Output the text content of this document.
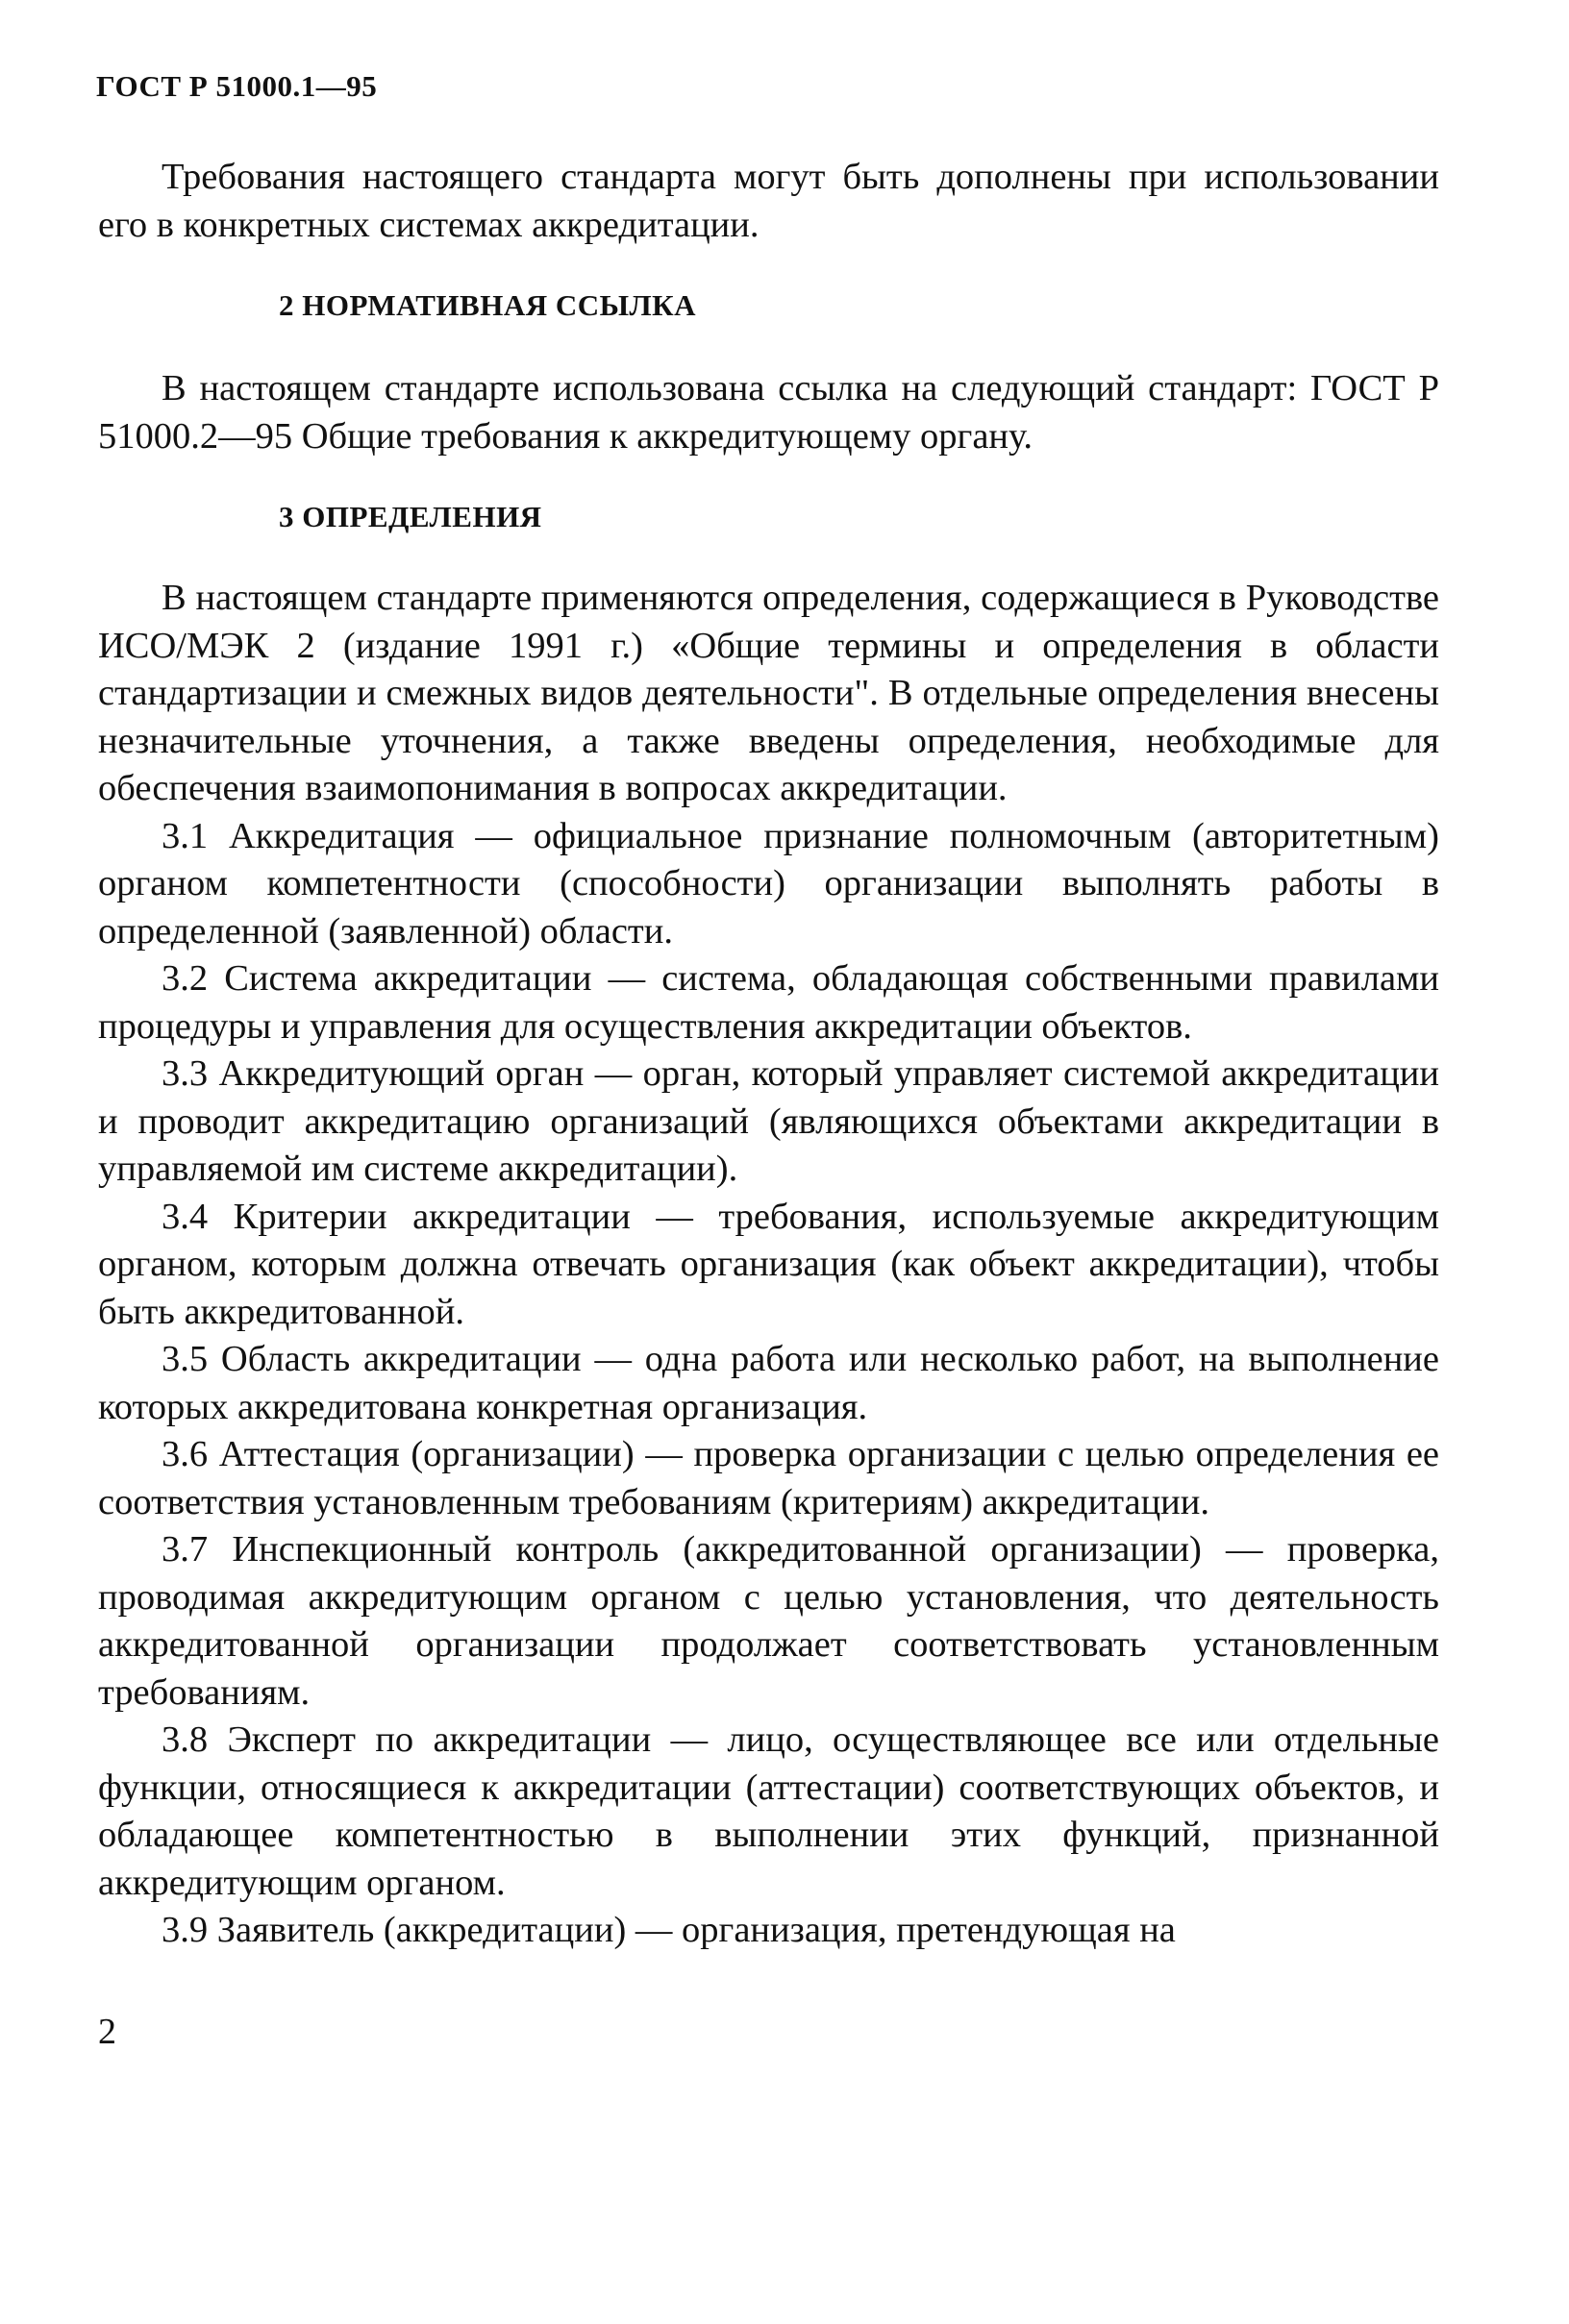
ГОСТ Р 51000.1—95

Требования настоящего стандарта могут быть дополнены при использовании его в конкретных системах аккредитации.

2 НОРМАТИВНАЯ ССЫЛКА

В настоящем стандарте использована ссылка на следующий стандарт: ГОСТ Р 51000.2—95 Общие требования к аккредитующему органу.

3 ОПРЕДЕЛЕНИЯ

В настоящем стандарте применяются определения, содержащиеся в Руководстве ИСО/МЭК 2 (издание 1991 г.) «Общие термины и определения в области стандартизации и смежных видов деятельности". В отдельные определения внесены незначительные уточнения, а также введены определения, необходимые для обеспечения взаимопонимания в вопросах аккредитации.

3.1 Аккредитация — официальное признание полномочным (авторитетным) органом компетентности (способности) организации выполнять работы в определенной (заявленной) области.

3.2 Система аккредитации — система, обладающая собственными правилами процедуры и управления для осуществления аккредитации объектов.

3.3 Аккредитующий орган — орган, который управляет системой аккредитации и проводит аккредитацию организаций (являющихся объектами аккредитации в управляемой им системе аккредитации).

3.4 Критерии аккредитации — требования, используемые аккредитующим органом, которым должна отвечать организация (как объект аккредитации), чтобы быть аккредитованной.

3.5 Область аккредитации — одна работа или несколько работ, на выполнение которых аккредитована конкретная организация.

3.6 Аттестация (организации) — проверка организации с целью определения ее соответствия установленным требованиям (критериям) аккредитации.

3.7 Инспекционный контроль (аккредитованной организации) — проверка, проводимая аккредитующим органом с целью установления, что деятельность аккредитованной организации продолжает соответствовать установленным требованиям.

3.8 Эксперт по аккредитации — лицо, осуществляющее все или отдельные функции, относящиеся к аккредитации (аттестации) соответствующих объектов, и обладающее компетентностью в выполнении этих функций, признанной аккредитующим органом.

3.9 Заявитель (аккредитации) — организация, претендующая на

2
